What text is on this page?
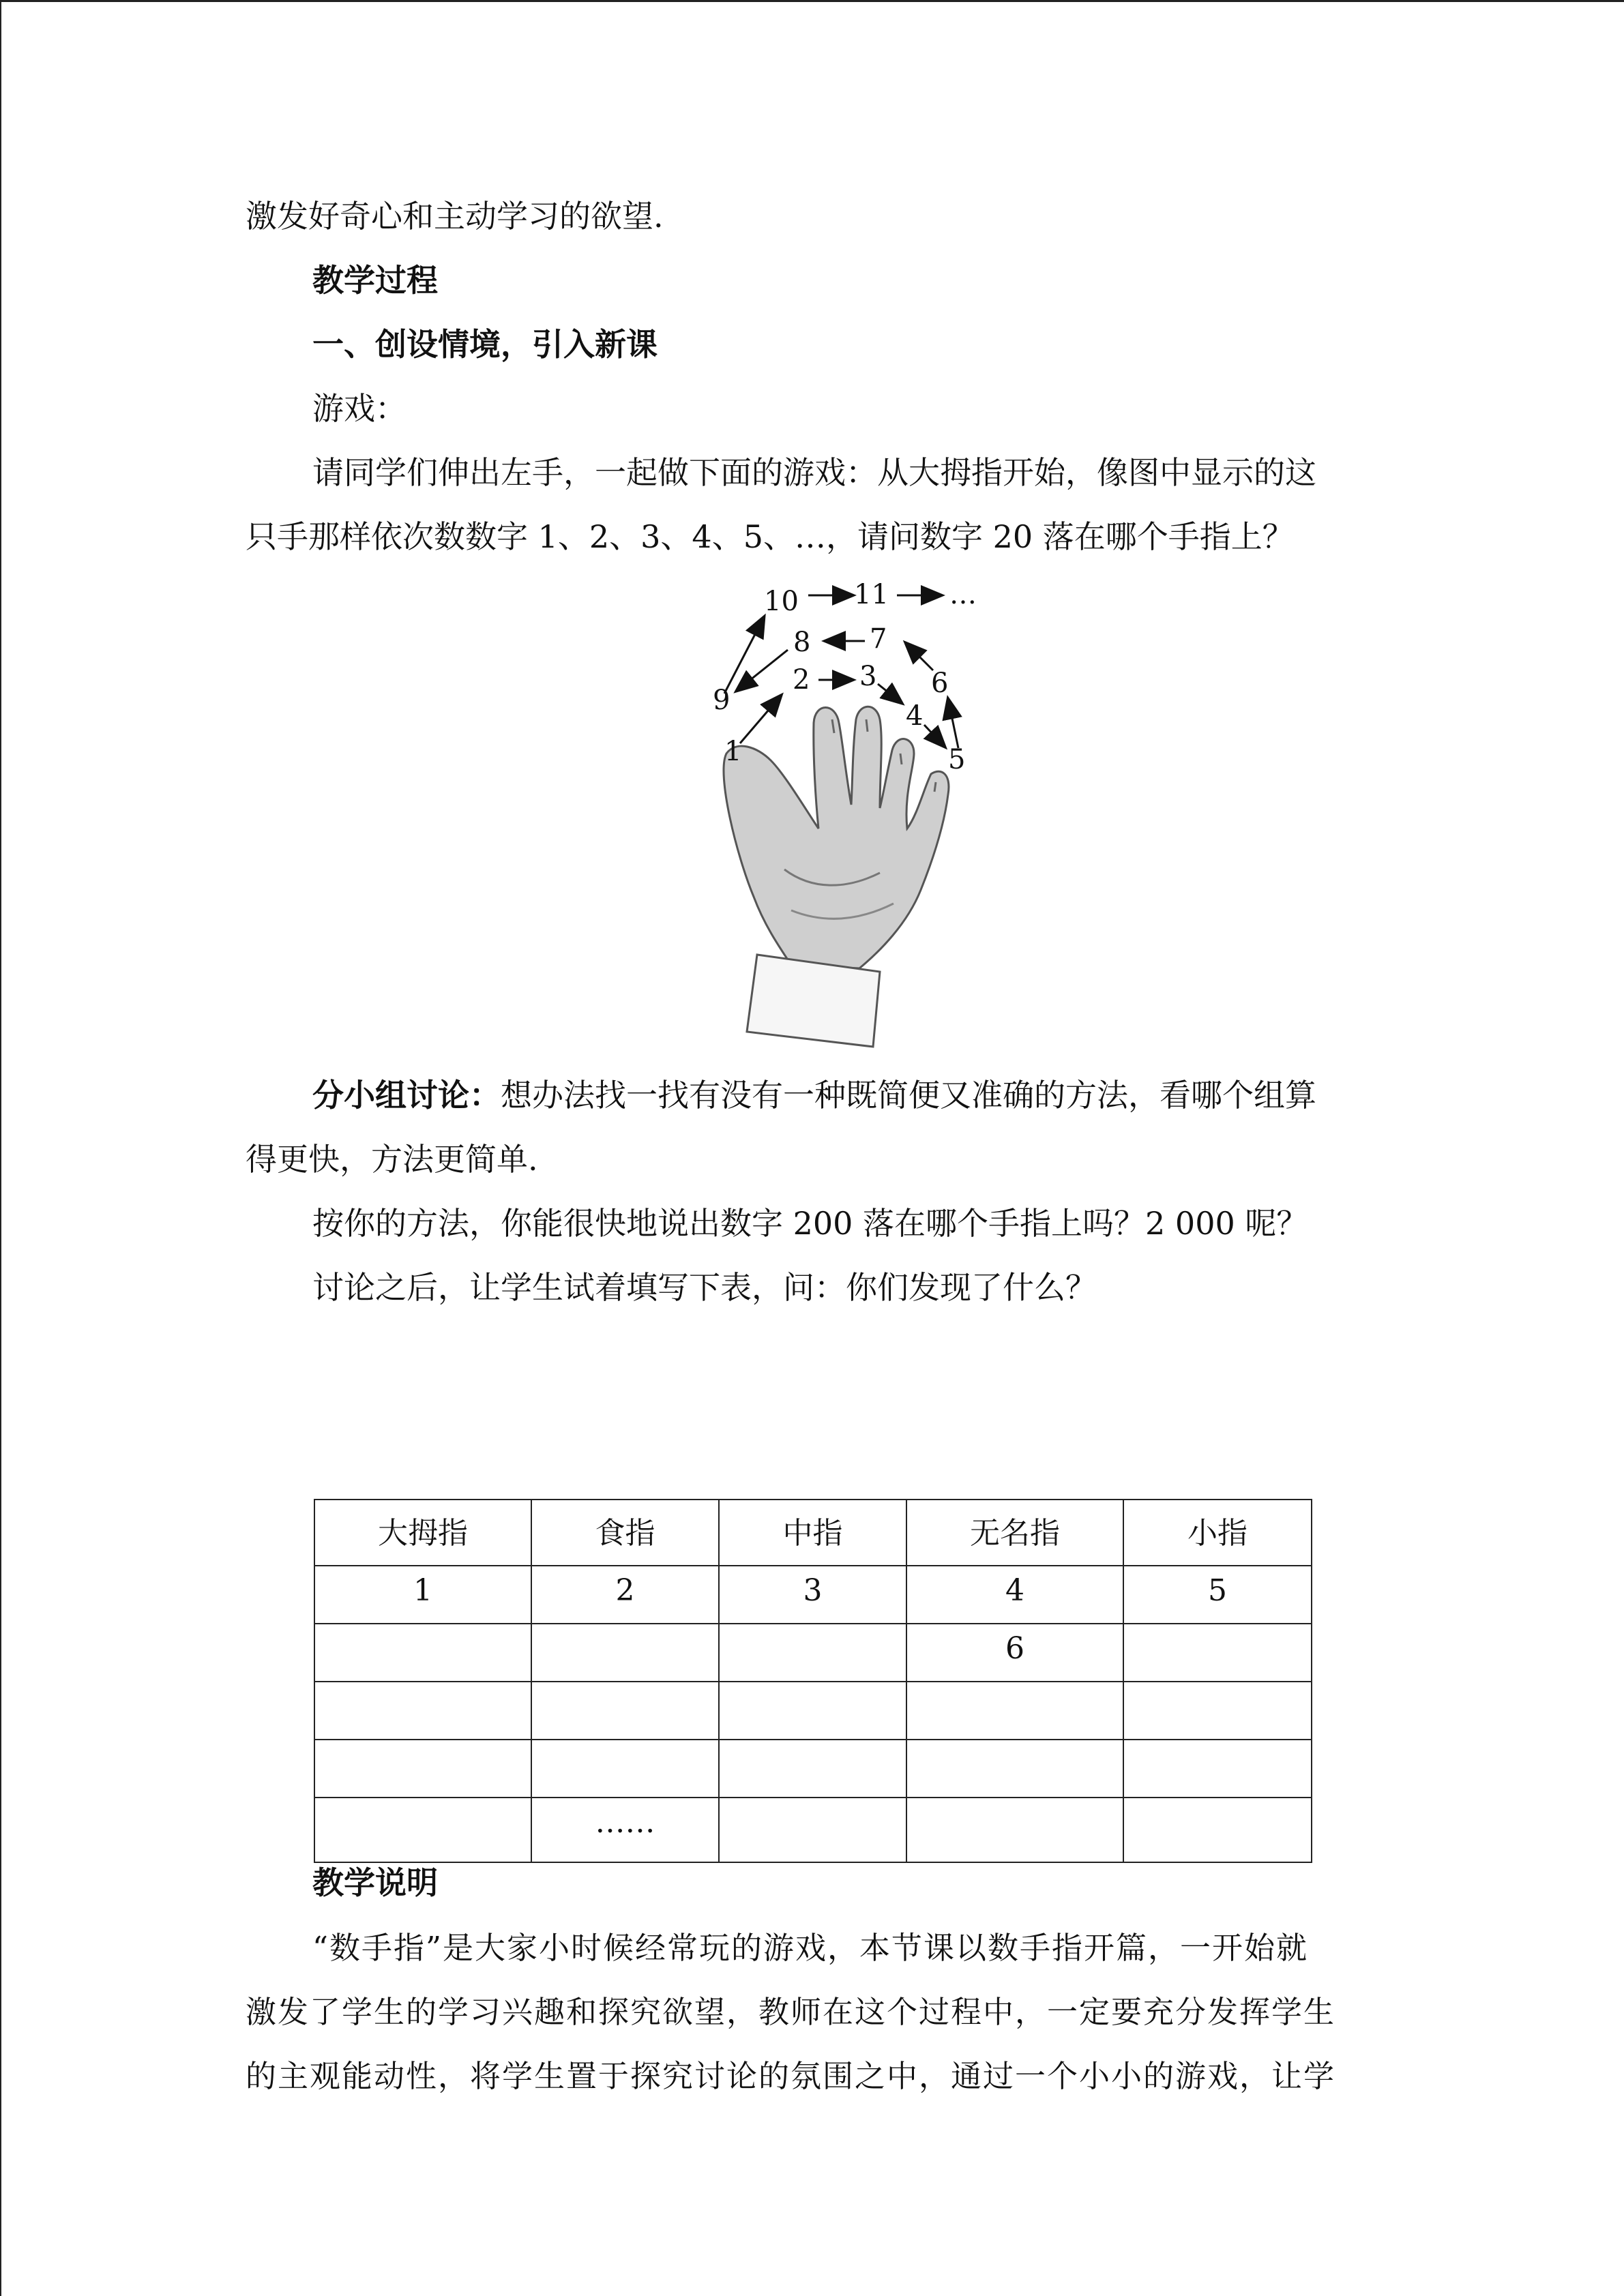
激发好奇心和主动学习的欲望.
教学过程
一、创设情境，引入新课
游戏：
请同学们伸出左手，一起做下面的游戏：从大拇指开始，像图中显示的这
只手那样依次数数字 1、2、3、4、5、…，请问数字 20 落在哪个手指上？
1
2 3
4
5
6
7
8
9
10 11 …
分小组讨论：想办法找一找有没有一种既简便又准确的方法，看哪个组算
得更快，方法更简单.
按你的方法，你能很快地说出数字 200 落在哪个手指上吗？2 000 呢？
讨论之后，让学生试着填写下表，问：你们发现了什么？
大拇指	食指	中指	无名指	小指
1	2	3	4	5
			6	

	……			
教学说明
“数手指”是大家小时候经常玩的游戏，本节课以数手指开篇，一开始就
激发了学生的学习兴趣和探究欲望，教师在这个过程中，一定要充分发挥学生
的主观能动性，将学生置于探究讨论的氛围之中，通过一个小小的游戏，让学
